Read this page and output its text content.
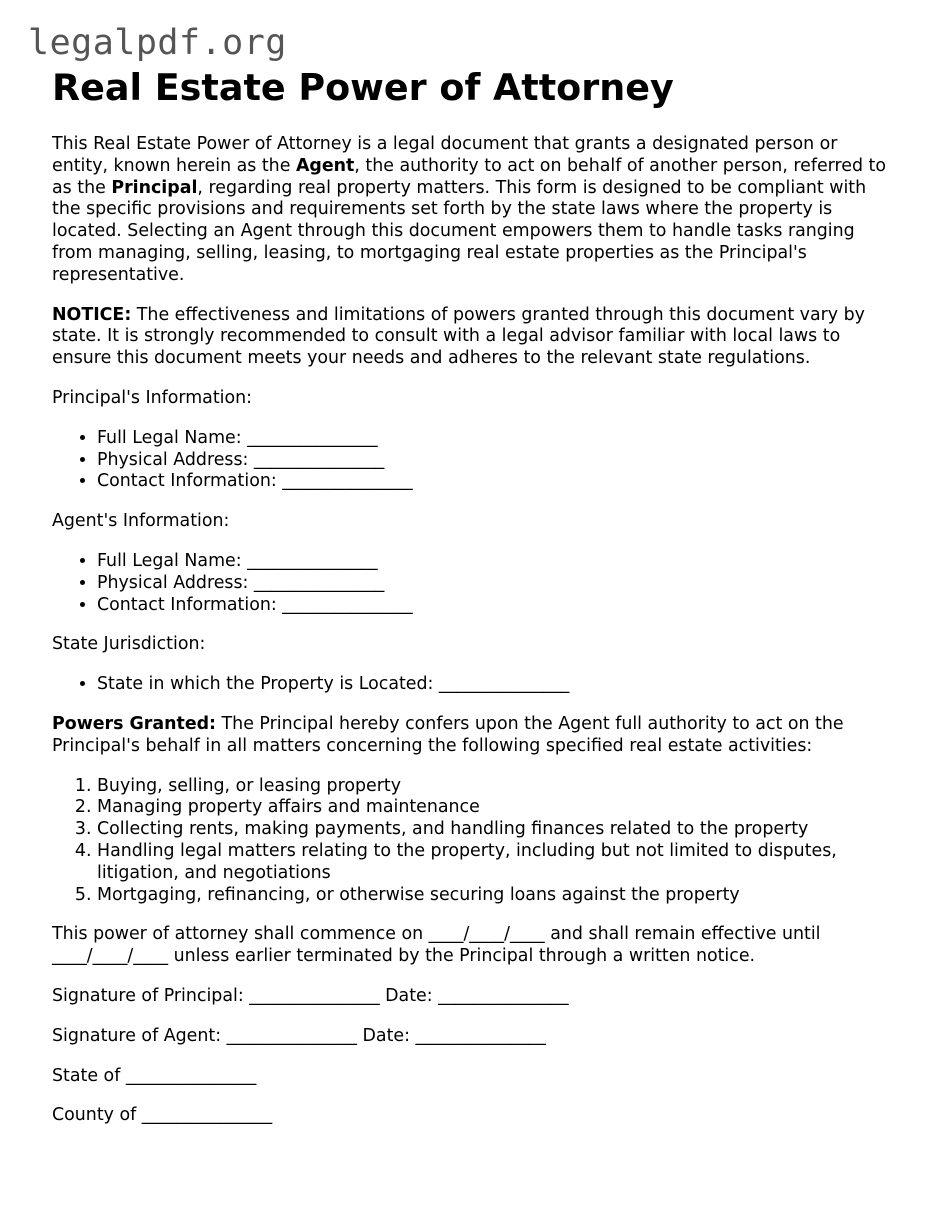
legalpdf.org
Real Estate Power of Attorney

This Real Estate Power of Attorney is a legal document that grants a designated person or entity, known herein as the Agent, the authority to act on behalf of another person, referred to as the Principal, regarding real property matters. This form is designed to be compliant with the specific provisions and requirements set forth by the state laws where the property is located. Selecting an Agent through this document empowers them to handle tasks ranging from managing, selling, leasing, to mortgaging real estate properties as the Principal's representative.

NOTICE: The effectiveness and limitations of powers granted through this document vary by state. It is strongly recommended to consult with a legal advisor familiar with local laws to ensure this document meets your needs and adheres to the relevant state regulations.

Principal's Information:

• Full Legal Name: _______________
• Physical Address: _______________
• Contact Information: _______________

Agent's Information:

• Full Legal Name: _______________
• Physical Address: _______________
• Contact Information: _______________

State Jurisdiction:

• State in which the Property is Located: _______________

Powers Granted: The Principal hereby confers upon the Agent full authority to act on the Principal's behalf in all matters concerning the following specified real estate activities:

1. Buying, selling, or leasing property
2. Managing property affairs and maintenance
3. Collecting rents, making payments, and handling finances related to the property
4. Handling legal matters relating to the property, including but not limited to disputes, litigation, and negotiations
5. Mortgaging, refinancing, or otherwise securing loans against the property

This power of attorney shall commence on ____/____/____ and shall remain effective until ____/____/____ unless earlier terminated by the Principal through a written notice.

Signature of Principal: _______________ Date: _______________

Signature of Agent: _______________ Date: _______________

State of _______________

County of _______________
